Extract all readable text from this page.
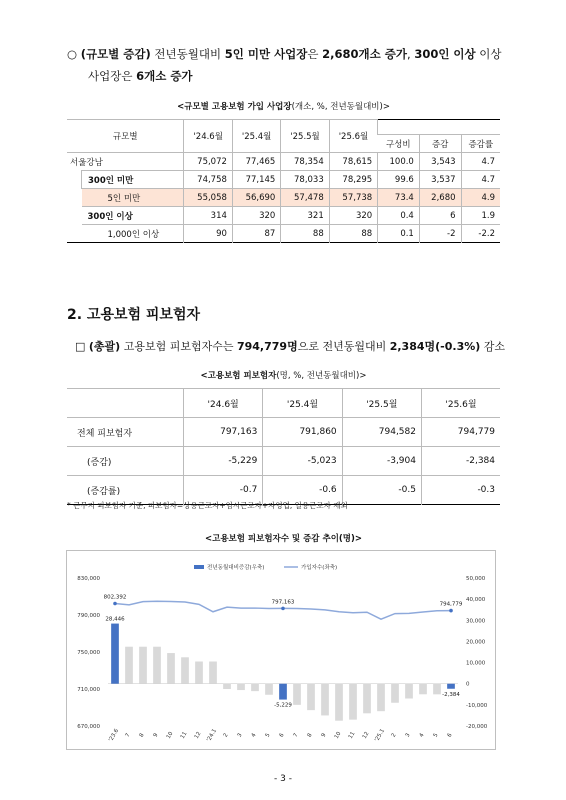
○ (규모별 증감) 전년동월대비 5인 미만 사업장은 2,680개소 증가, 300인 이상 이상
사업장은 6개소 증가
<규모별 고용보험 가입 사업장(개소, %, 전년동월대비)>
규모별		'24.6월	'25.4월	'25.5월	'25.6월			
						구성비	증감	증감률
서울강남		75,072	77,465	78,354	78,615	100.0	3,543	4.7
	300인 미만	74,758	77,145	78,033	78,295	99.6	3,537	4.7
	5인 미만	55,058	56,690	57,478	57,738	73.4	2,680	4.9
	300인 이상	314	320	321	320	0.4	6	1.9
	1,000인 이상	90	87	88	88	0.1	-2	-2.2
2. 고용보험 피보험자
□ (총괄) 고용보험 피보험자수는 794,779명으로 전년동월대비 2,384명(-0.3%) 감소
<고용보험 피보험자(명, %, 전년동월대비)>
	'24.6월	'25.4월	'25.5월	'25.6월
전체 피보험자	797,163	791,860	794,582	794,779
(증감)	-5,229	-5,023	-3,904	-2,384
(증감률)	-0.7	-0.6	-0.5	-0.3
* 근무지 피보험자 기준, 피보험자=상용근로자+임시근로자+자영업, 일용근로자 제외
<고용보험 피보험자수 및 증감 추이(명)>
전년동월대비증감(우축)	가입자수(좌축)
670,000
710,000
750,000
790,000
830,000
-20,000
-10,000
0
10,000
20,000
30,000
40,000
50,000
802,392
28,446
797,163
-5,229
794,779
-2,384
'23.6 7 8 9 10 11 12 '24.1 2 3 4 5 6 7 8 9 10 11 12 '25.1 2 3 4 5 6
- 3 -
